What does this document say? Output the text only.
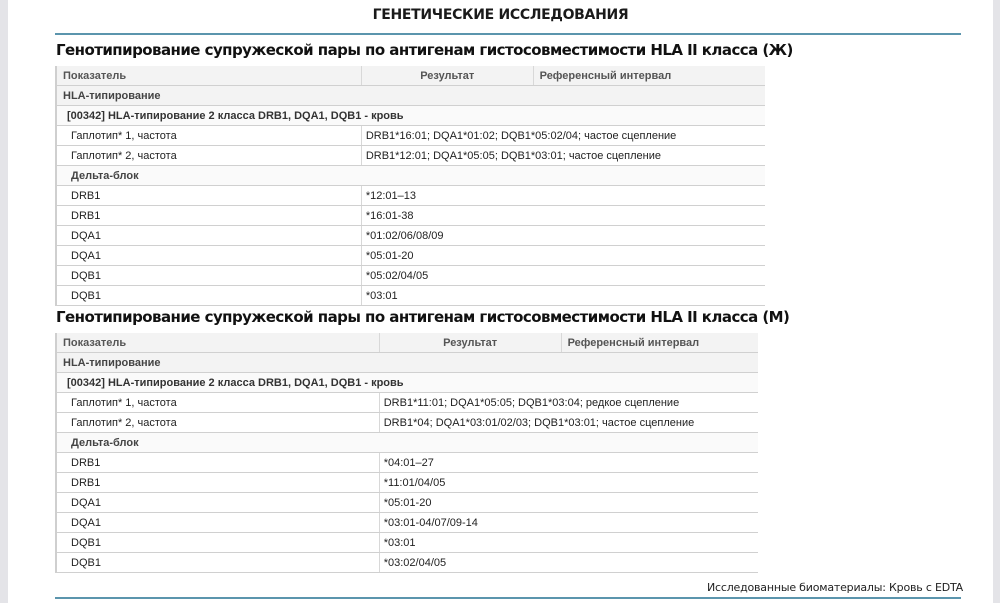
ГЕНЕТИЧЕСКИЕ ИССЛЕДОВАНИЯ
Генотипирование супружеской пары по антигенам гистосовместимости HLA II класса (Ж)
Показатель	Результат	Референсный интервал
HLA-типирование		
[00342] HLA-типирование 2 класса DRB1, DQA1, DQB1 - кровь		
Гаплотип* 1, частота	DRB1*16:01; DQA1*01:02; DQB1*05:02/04; частое сцепление	
Гаплотип* 2, частота	DRB1*12:01; DQA1*05:05; DQB1*03:01; частое сцепление	
Дельта-блок		
DRB1	*12:01–13	
DRB1	*16:01-38	
DQA1	*01:02/06/08/09	
DQA1	*05:01-20	
DQB1	*05:02/04/05	
DQB1	*03:01	
Генотипирование супружеской пары по антигенам гистосовместимости HLA II класса (М)
Показатель	Результат	Референсный интервал
HLA-типирование		
[00342] HLA-типирование 2 класса DRB1, DQA1, DQB1 - кровь		
Гаплотип* 1, частота	DRB1*11:01; DQA1*05:05; DQB1*03:04; редкое сцепление	
Гаплотип* 2, частота	DRB1*04; DQA1*03:01/02/03; DQB1*03:01; частое сцепление	
Дельта-блок		
DRB1	*04:01–27	
DRB1	*11:01/04/05	
DQA1	*05:01-20	
DQA1	*03:01-04/07/09-14	
DQB1	*03:01	
DQB1	*03:02/04/05	
Исследованные биоматериалы: Кровь с EDTA
